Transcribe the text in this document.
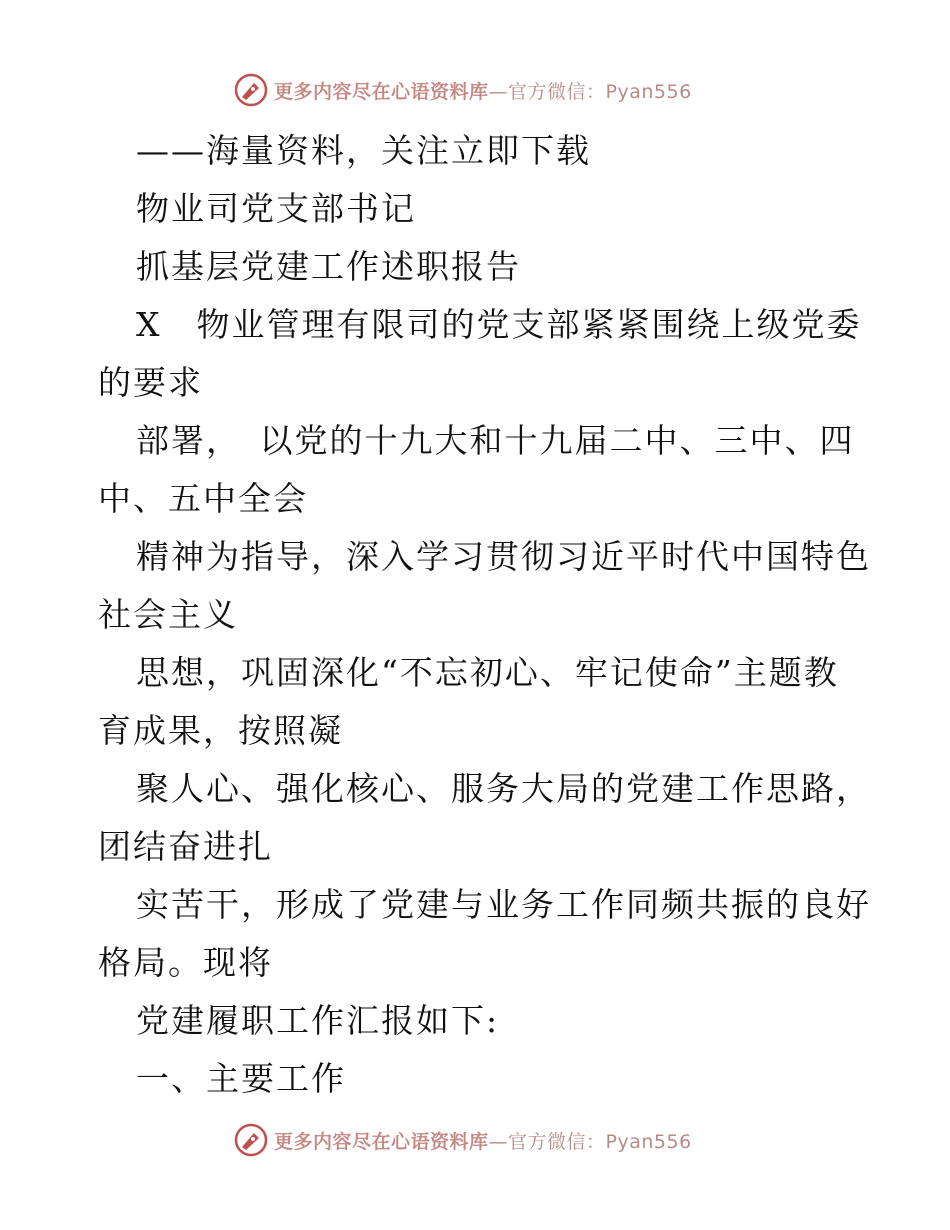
更多内容尽在心语资料库—官方微信：Pyan556

——海量资料，关注立即下载

物业司党支部书记

抓基层党建工作述职报告

X　物业管理有限司的党支部紧紧围绕上级党委

的要求

部署，　以党的十九大和十九届二中、三中、四

中、五中全会

精神为指导，深入学习贯彻习近平时代中国特色

社会主义

思想，巩固深化“不忘初心、牢记使命”主题教

育成果，按照凝

聚人心、强化核心、服务大局的党建工作思路，

团结奋进扎

实苦干，形成了党建与业务工作同频共振的良好

格局。现将

党建履职工作汇报如下:

一、主要工作

更多内容尽在心语资料库—官方微信：Pyan556
